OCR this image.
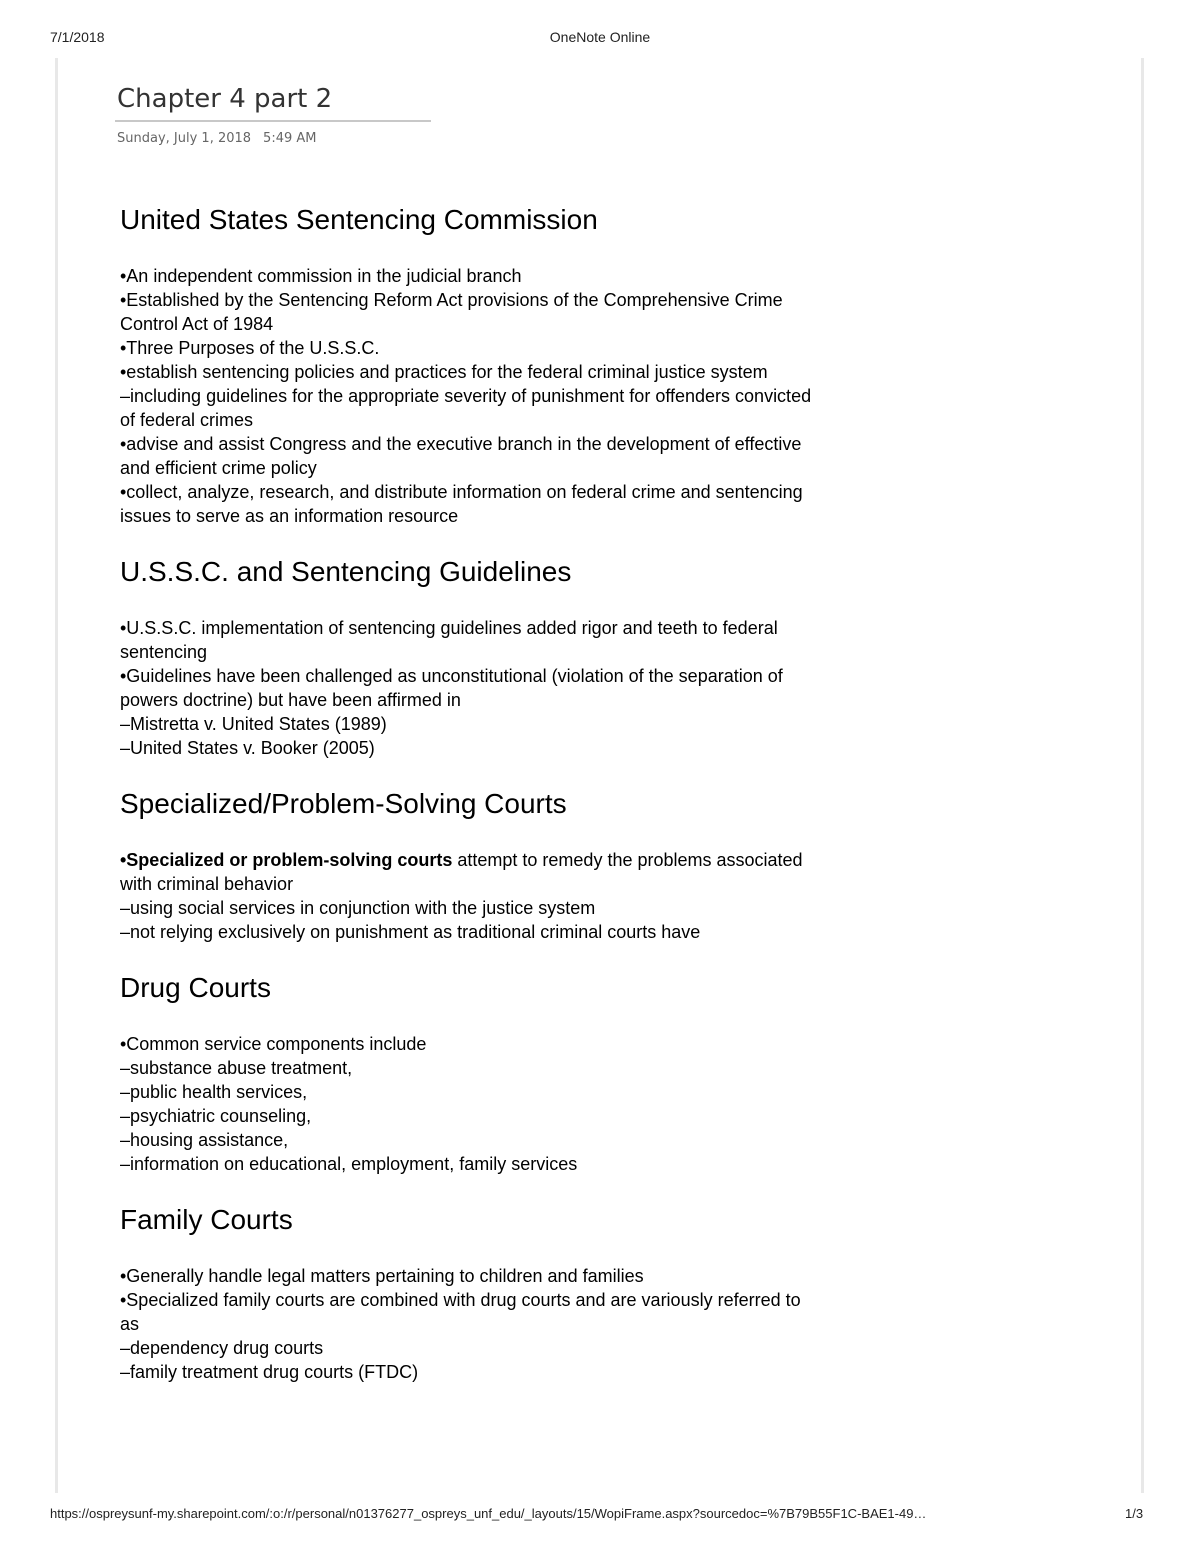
7/1/2018	OneNote Online
Chapter 4 part 2
Sunday, July 1, 2018 5:49 AM
United States Sentencing Commission
•An independent commission in the judicial branch
•Established by the Sentencing Reform Act provisions of the Comprehensive Crime
Control Act of 1984
•Three Purposes of the U.S.S.C.
•establish sentencing policies and practices for the federal criminal justice system
–including guidelines for the appropriate severity of punishment for offenders convicted
of federal crimes
•advise and assist Congress and the executive branch in the development of effective
and efficient crime policy
•collect, analyze, research, and distribute information on federal crime and sentencing
issues to serve as an information resource
U.S.S.C. and Sentencing Guidelines
•U.S.S.C. implementation of sentencing guidelines added rigor and teeth to federal
sentencing
•Guidelines have been challenged as unconstitutional (violation of the separation of
powers doctrine) but have been affirmed in
–Mistretta v. United States (1989)
–United States v. Booker (2005)
Specialized/Problem-Solving Courts
•Specialized or problem-solving courts attempt to remedy the problems associated
with criminal behavior
–using social services in conjunction with the justice system
–not relying exclusively on punishment as traditional criminal courts have
Drug Courts
•Common service components include
–substance abuse treatment,
–public health services,
–psychiatric counseling,
–housing assistance,
–information on educational, employment, family services
Family Courts
•Generally handle legal matters pertaining to children and families
•Specialized family courts are combined with drug courts and are variously referred to
as
–dependency drug courts
–family treatment drug courts (FTDC)
https://ospreysunf-my.sharepoint.com/:o:/r/personal/n01376277_ospreys_unf_edu/_layouts/15/WopiFrame.aspx?sourcedoc=%7B79B55F1C-BAE1-49…	1/3
